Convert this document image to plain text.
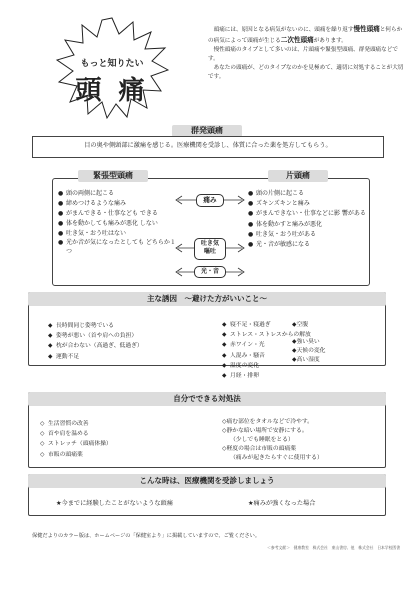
もっと知りたい
頭 痛

頭痛には、原因となる病気がないのに、頭痛を繰り返す慢性頭痛と何らかの病気によって頭痛が生じる二次性頭痛があります。

慢性頭痛のタイプとして多いのは、片頭痛や緊張型頭痛、群発頭痛などです。

あなたの頭痛が、どのタイプなのかを見極めて、適切に対処することが大切です。

群発頭痛
目の奥や側頭部に激痛を感じる。医療機関を受診し、体質に合った薬を処方してもらう。
緊張型頭痛	片頭痛
● 頭の両側に起こる
● 締めつけるような痛み
● がまんできる・仕事なども できる
● 体を動かしても痛みが悪化 しない
● 吐き気・おう吐はない
● 光か音が気になったとしても どちらか１つ
● 頭の片側に起こる
● ズキンズキンと痛み
● がまんできない・仕事などに影 響がある
● 体を動かすと痛みが悪化
● 吐き気・おう吐がある
● 光・音が敏感になる
痛み
吐き気
嘔吐
光・音
主な誘因　～避けた方がいいこと～
◆ 長時間同じ姿勢でいる
◆ 姿勢が悪い（首や肩への負担）
◆ 枕が合わない（高過ぎ、低過ぎ）
◆ 運動不足
◆ 寝不足・寝過ぎ
◆ ストレス・ストレスからの解放
◆ 赤ワイン・光
◆ 人混み・騒音
◆ 温度の変化
◆ 月経・排卵
◆空腹
◆強い臭い
◆天候の変化
◆高い湿度
自分でできる対処法
◇ 生活習慣の改善
◇ 首や肩を温める
◇ ストレッチ（頭痛体操）
◇ 市販の頭痛薬
◇痛む部位をタオルなどで冷やす。
◇静かな暗い場所で安静にする。
（少しでも睡眠をとる）
◇軽度の場合は市販の頭痛薬
（痛みが起きたらすぐに使用する）
こんな時は、医療機関を受診しましょう
★今までに経験したことがないような頭痛	★痛みが強くなった場合
保健だよりのカラー版は、ホームページの「保健室より」に掲載していますので、ご覧ください。
＜参考文献＞　健康教室　株式会社　東山書房、他　株式会社　日本学校図書
